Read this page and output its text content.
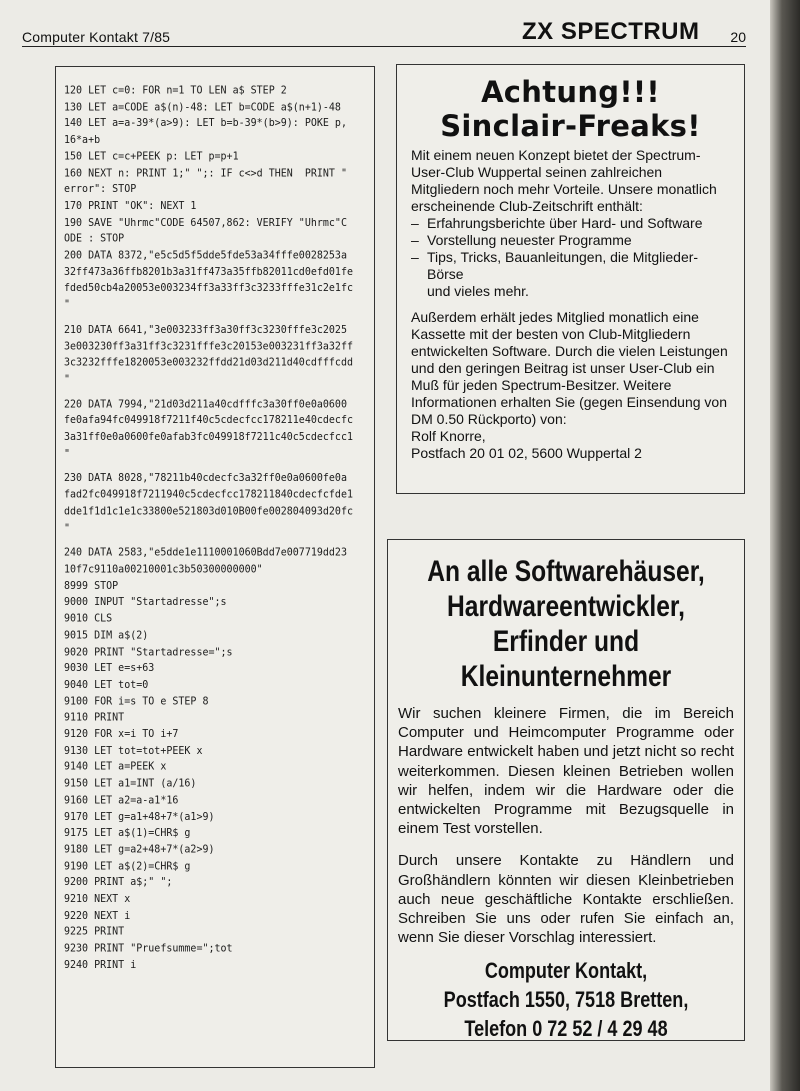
Computer Kontakt 7/85	ZX SPECTRUM 20
120 LET c=0: FOR n=1 TO LEN a$ STEP 2
130 LET a=CODE a$(n)-48: LET b=CODE a$(n+1)-48
140 LET a=a-39*(a>9): LET b=b-39*(b>9): POKE p,
16*a+b
150 LET c=c+PEEK p: LET p=p+1
160 NEXT n: PRINT 1;" ";: IF c<>d THEN  PRINT "
error": STOP
170 PRINT "OK": NEXT 1
190 SAVE "Uhrmc"CODE 64507,862: VERIFY "Uhrmc"C
ODE : STOP
200 DATA 8372,"e5c5d5f5dde5fde53a34fffe0028253a
32ff473a36ffb8201b3a31ff473a35ffb82011cd0efd01fe
fded50cb4a20053e003234ff3a33ff3c3233fffe31c2e1fc
"
210 DATA 6641,"3e003233ff3a30ff3c3230fffe3c2025
3e003230ff3a31ff3c3231fffe3c20153e003231ff3a32ff
3c3232fffe1820053e003232ffdd21d03d211d40cdfffcdd
"
220 DATA 7994,"21d03d211a40cdfffc3a30ff0e0a0600
fe0afa94fc049918f7211f40c5cdecfcc178211e40cdecfc
3a31ff0e0a0600fe0afab3fc049918f7211c40c5cdecfcc1
"
230 DATA 8028,"78211b40cdecfc3a32ff0e0a0600fe0a
fad2fc049918f7211940c5cdecfcc178211840cdecfcfde1
dde1f1d1c1e1c33800e521803d010B00fe002804093d20fc
"
240 DATA 2583,"e5dde1e1110001060Bdd7e007719dd23
10f7c9110a00210001c3b50300000000"
8999 STOP
9000 INPUT "Startadresse";s
9010 CLS
9015 DIM a$(2)
9020 PRINT "Startadresse=";s
9030 LET e=s+63
9040 LET tot=0
9100 FOR i=s TO e STEP 8
9110 PRINT
9120 FOR x=i TO i+7
9130 LET tot=tot+PEEK x
9140 LET a=PEEK x
9150 LET a1=INT (a/16)
9160 LET a2=a-a1*16
9170 LET g=a1+48+7*(a1>9)
9175 LET a$(1)=CHR$ g
9180 LET g=a2+48+7*(a2>9)
9190 LET a$(2)=CHR$ g
9200 PRINT a$;" ";
9210 NEXT x
9220 NEXT i
9225 PRINT
9230 PRINT "Pruefsumme=";tot
9240 PRINT i
Achtung!!!
Sinclair-Freaks!

Mit einem neuen Konzept bietet der Spectrum-User-Club Wuppertal seinen zahlreichen Mitgliedern noch mehr Vorteile. Unsere monatlich erscheinende Club-Zeitschrift enthält:

– Erfahrungsberichte über Hard- und Software
– Vorstellung neuester Programme
– Tips, Tricks, Bauanleitungen, die Mitglieder-Börse
und vieles mehr.

Außerdem erhält jedes Mitglied monatlich eine Kassette mit der besten von Club-Mitgliedern entwickelten Software. Durch die vielen Leistungen und den geringen Beitrag ist unser User-Club ein Muß für jeden Spectrum-Besitzer. Weitere Informationen erhalten Sie (gegen Einsendung von DM 0.50 Rückporto) von:

Rolf Knorre,
Postfach 20 01 02, 5600 Wuppertal 2
An alle Softwarehäuser,
Hardwareentwickler,
Erfinder und
Kleinunternehmer

Wir suchen kleinere Firmen, die im Bereich Computer und Heimcomputer Programme oder Hardware entwickelt haben und jetzt nicht so recht weiterkommen. Diesen kleinen Betrieben wollen wir helfen, indem wir die Hardware oder die entwickelten Programme mit Bezugsquelle in einem Test vorstellen.

Durch unsere Kontakte zu Händlern und Großhändlern könnten wir diesen Kleinbetrieben auch neue geschäftliche Kontakte erschließen. Schreiben Sie uns oder rufen Sie einfach an, wenn Sie dieser Vorschlag interessiert.

Computer Kontakt,
Postfach 1550, 7518 Bretten,
Telefon 0 72 52 / 4 29 48
